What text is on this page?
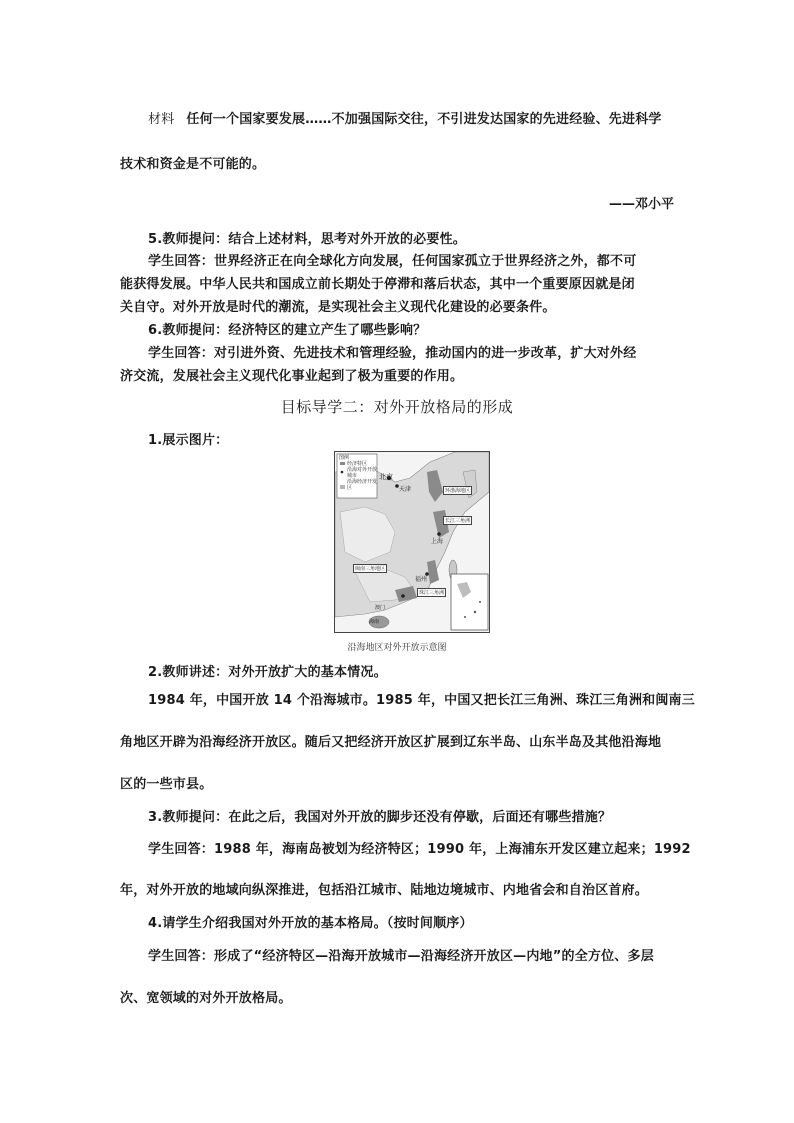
材料 任何一个国家要发展……不加强国际交往，不引进发达国家的先进经验、先进科学
技术和资金是不可能的。
——邓小平
5.教师提问：结合上述材料，思考对外开放的必要性。
学生回答：世界经济正在向全球化方向发展，任何国家孤立于世界经济之外，都不可
能获得发展。中华人民共和国成立前长期处于停滞和落后状态，其中一个重要原因就是闭
关自守。对外开放是时代的潮流，是实现社会主义现代化建设的必要条件。
6.教师提问：经济特区的建立产生了哪些影响？
学生回答：对引进外资、先进技术和管理经验，推动国内的进一步改革，扩大对外经
济交流，发展社会主义现代化事业起到了极为重要的作用。
目标导学二：对外开放格局的形成
1.展示图片：
图例
经济特区
沿海对外开放城市
沿海经济开发区
北京
天津
上海
福州
环渤海地区
长江三角洲
闽南三角地区
珠江三角洲
澳门
海南
沿海地区对外开放示意图
2.教师讲述：对外开放扩大的基本情况。
1984 年，中国开放 14 个沿海城市。1985 年，中国又把长江三角洲、珠江三角洲和闽南三
角地区开辟为沿海经济开放区。随后又把经济开放区扩展到辽东半岛、山东半岛及其他沿海地
区的一些市县。
3.教师提问：在此之后，我国对外开放的脚步还没有停歇，后面还有哪些措施？
学生回答：1988 年，海南岛被划为经济特区；1990 年，上海浦东开发区建立起来；1992
年，对外开放的地域向纵深推进，包括沿江城市、陆地边境城市、内地省会和自治区首府。
4.请学生介绍我国对外开放的基本格局。（按时间顺序）
学生回答：形成了“经济特区—沿海开放城市—沿海经济开放区—内地”的全方位、多层
次、宽领域的对外开放格局。
